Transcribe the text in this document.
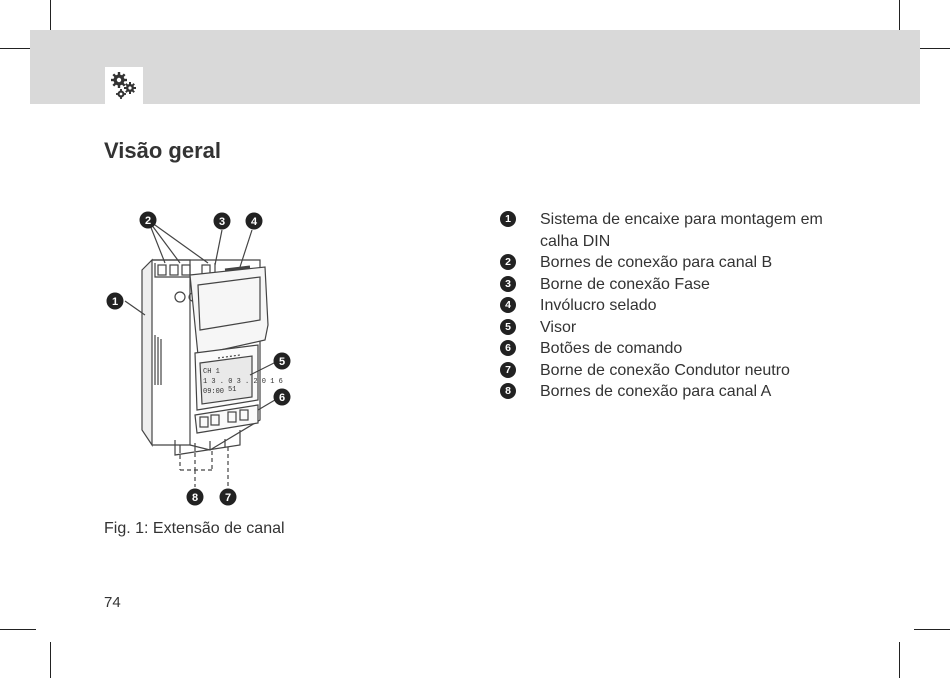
Visão geral
CH 1
1 3 . 0 3 . 2 0 1 6
09:00 51
2	3 4
1
5
6
8 7
Fig. 1: Extensão de canal
1	Sistema de encaixe para montagem em calha DIN
2	Bornes de conexão para canal B
3	Borne de conexão Fase
4	Invólucro selado
5	Visor
6	Botões de comando
7	Borne de conexão Condutor neutro
8	Bornes de conexão para canal A
74
